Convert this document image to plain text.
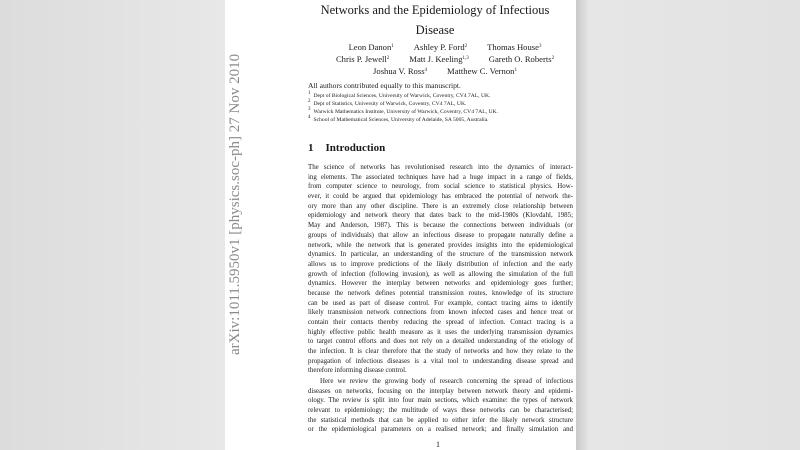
arXiv:1011.5950v1 [physics.soc-ph] 27 Nov 2010
Networks and the Epidemiology of Infectious
Disease
Leon Danon$^1$ Ashley P. Ford$^2$ Thomas House$^3$
Chris P. Jewell$^2$ Matt J. Keeling$^{1,3}$ Gareth O. Roberts$^2$
Joshua V. Ross$^4$ Matthew C. Vernon$^1$
All authors contributed equally to this manuscript.
$^1$ Dept of Biological Sciences, University of Warwick, Coventry, CV4 7AL, UK.
$^2$ Dept of Statistics, University of Warwick, Coventry, CV4 7AL, UK.
$^3$ Warwick Mathematics Institute, University of Warwick, Coventry, CV4 7AL, UK.
$^4$ School of Mathematical Sciences, University of Adelaide, SA 5005, Australia.
1 Introduction
The science of networks has revolutionised research into the dynamics of interact-
ing elements. The associated techniques have had a huge impact in a range of fields,
from computer science to neurology, from social science to statistical physics. How-
ever, it could be argued that epidemiology has embraced the potential of network the-
ory more than any other discipline. There is an extremely close relationship between
epidemiology and network theory that dates back to the mid-1980s (Klovdahl, 1985;
May and Anderson, 1987). This is because the connections between individuals (or
groups of individuals) that allow an infectious disease to propagate naturally define a
network, while the network that is generated provides insights into the epidemiological
dynamics. In particular, an understanding of the structure of the transmission network
allows us to improve predictions of the likely distribution of infection and the early
growth of infection (following invasion), as well as allowing the simulation of the full
dynamics. However the interplay between networks and epidemiology goes further;
because the network defines potential transmission routes, knowledge of its structure
can be used as part of disease control. For example, contact tracing aims to identify
likely transmission network connections from known infected cases and hence treat or
contain their contacts thereby reducing the spread of infection. Contact tracing is a
highly effective public health measure as it uses the underlying transmission dynamics
to target control efforts and does not rely on a detailed understanding of the etiology of
the infection. It is clear therefore that the study of networks and how they relate to the
propagation of infectious diseases is a vital tool to understanding disease spread and
therefore informing disease control.
Here we review the growing body of research concerning the spread of infectious
diseases on networks, focusing on the interplay between network theory and epidemi-
ology. The review is split into four main sections, which examine: the types of network
relevant to epidemiology; the multitude of ways these networks can be characterised;
the statistical methods that can be applied to either infer the likely network structure
or the epidemiological parameters on a realised network; and finally simulation and
1
